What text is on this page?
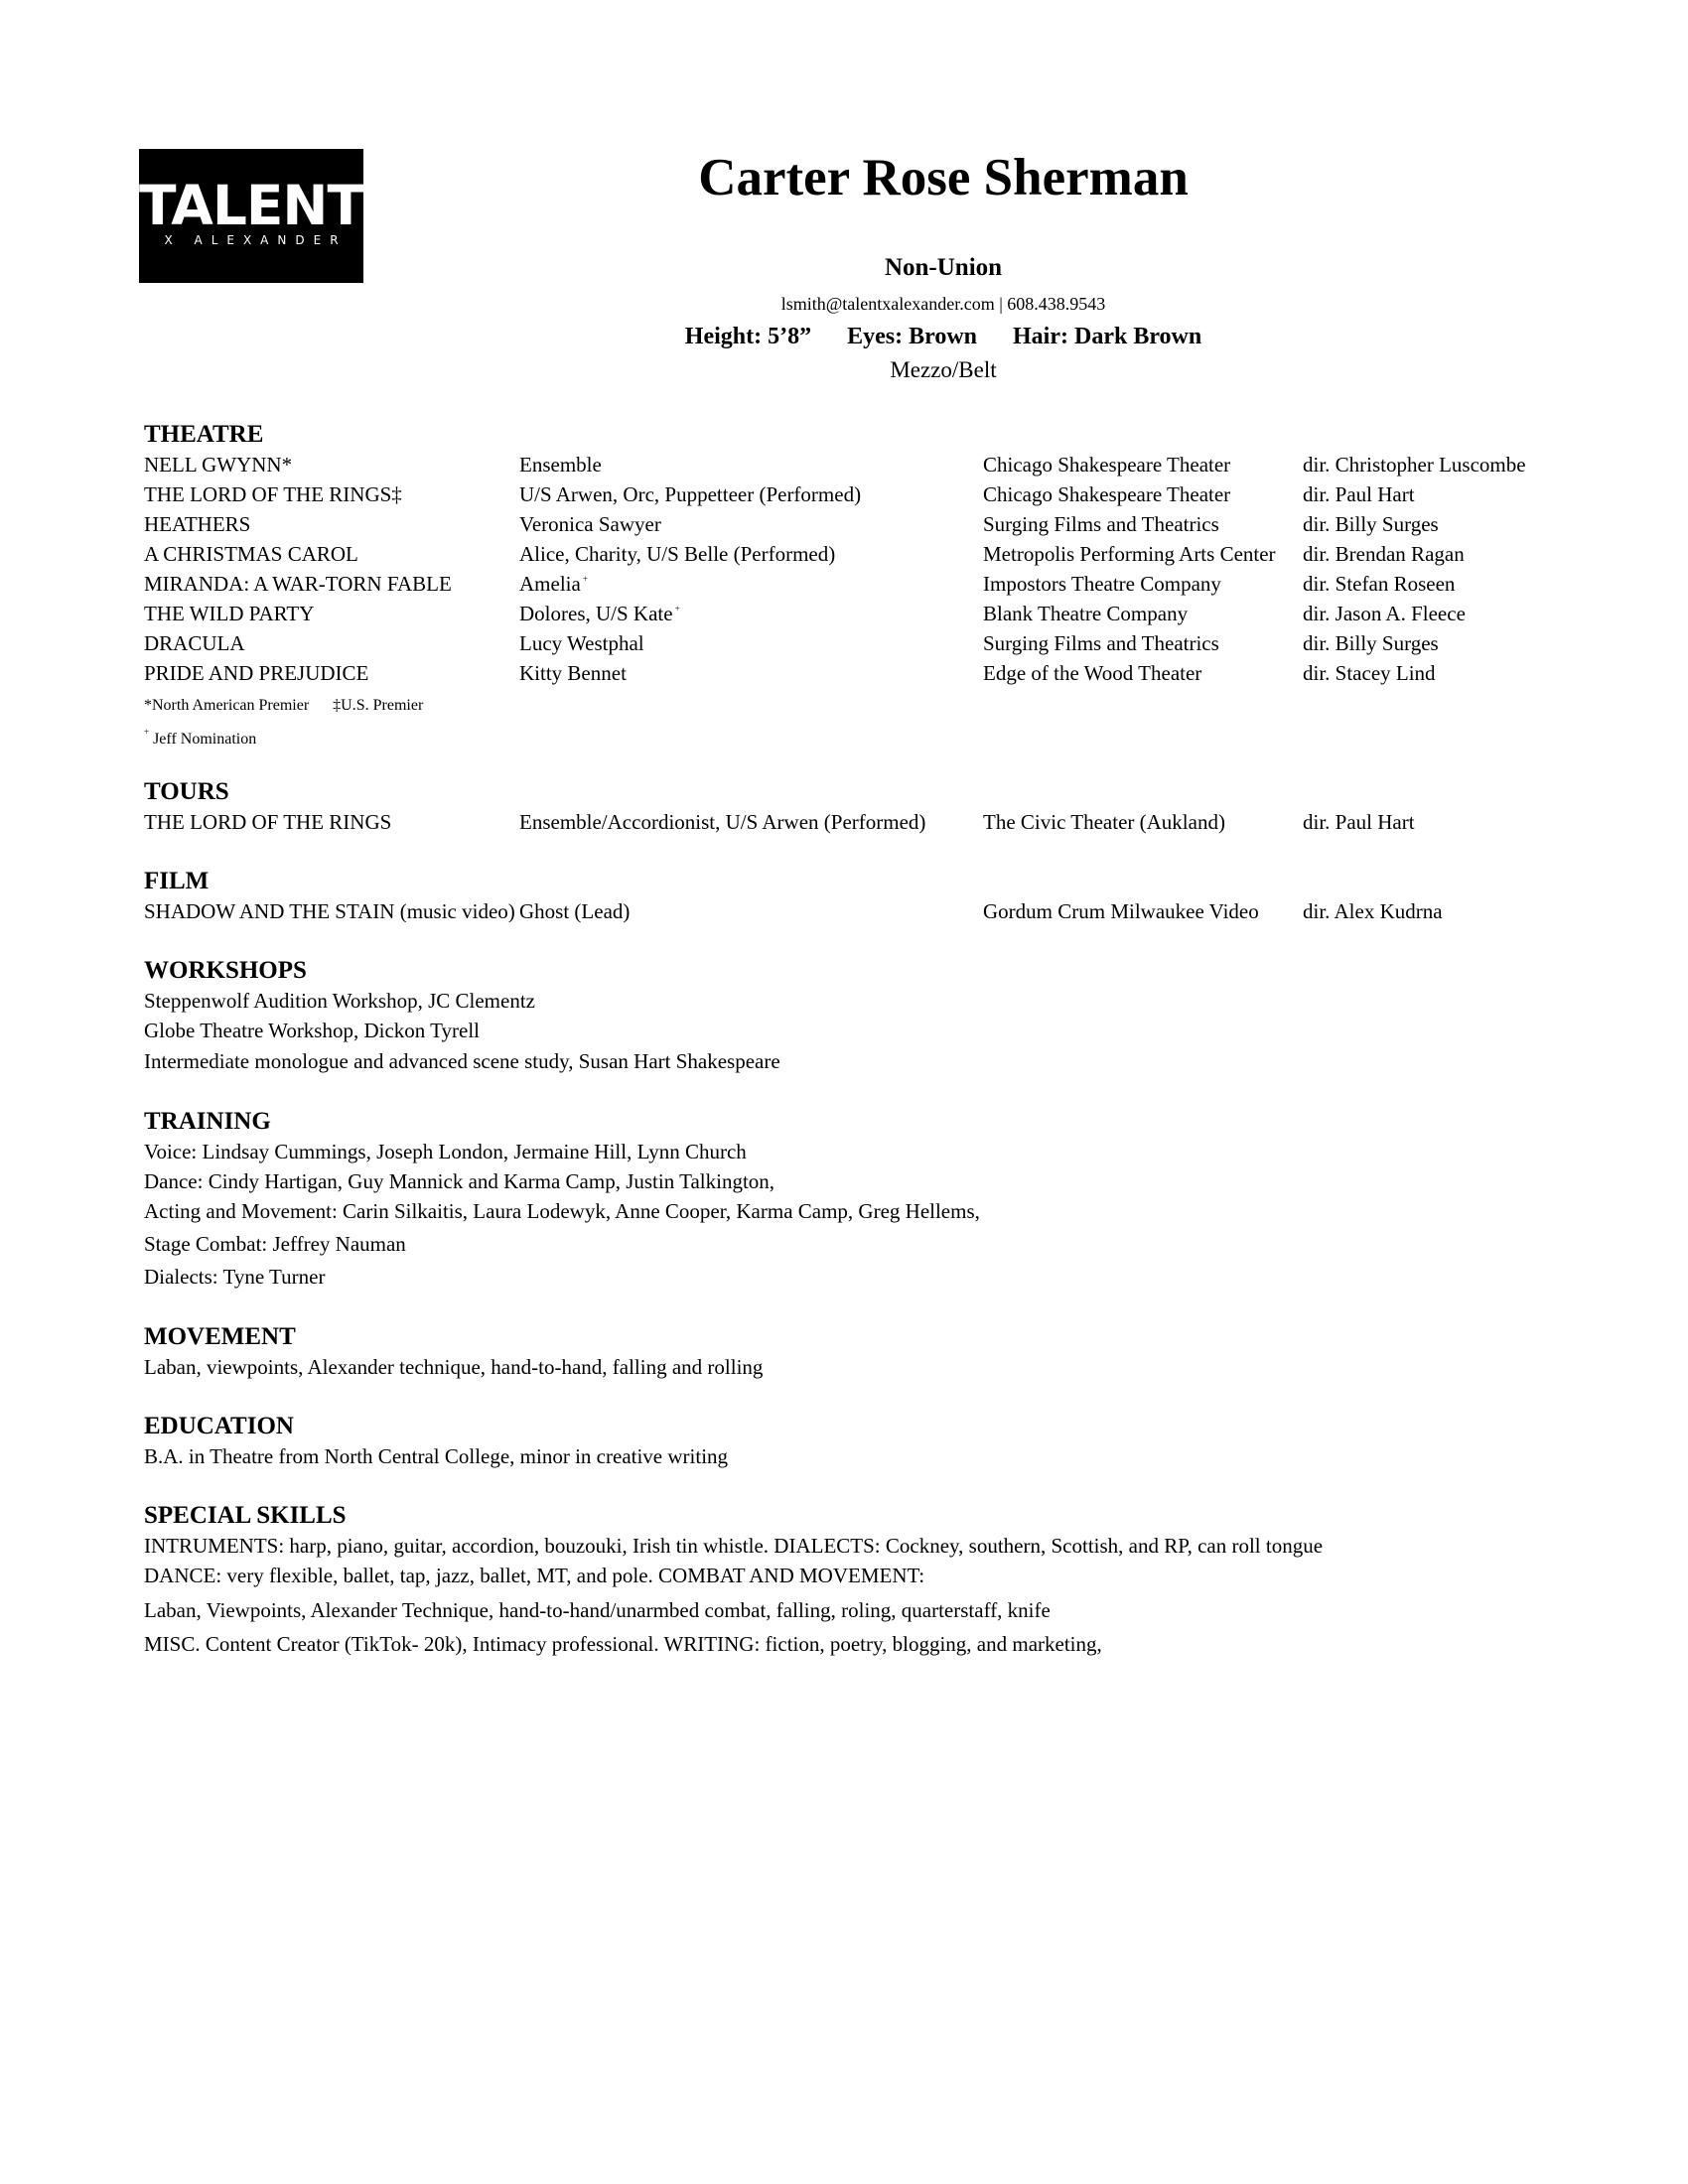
TALENT
X ALEXANDER
Carter Rose Sherman
Non-Union
lsmith@talentxalexander.com | 608.438.9543
Height: 5’8” Eyes: Brown Hair: Dark Brown
Mezzo/Belt
THEATRE
NELL GWYNN*	Ensemble	Chicago Shakespeare Theater	dir. Christopher Luscombe
THE LORD OF THE RINGS‡	U/S Arwen, Orc, Puppetteer (Performed)	Chicago Shakespeare Theater	dir. Paul Hart
HEATHERS	Veronica Sawyer	Surging Films and Theatrics	dir. Billy Surges
A CHRISTMAS CAROL	Alice, Charity, U/S Belle (Performed)	Metropolis Performing Arts Center dir. Brendan Ragan
MIRANDA: A WAR-TORN FABLE	Amelia +	Impostors Theatre Company	dir. Stefan Roseen
THE WILD PARTY	Dolores, U/S Kate +	Blank Theatre Company	dir. Jason A. Fleece
DRACULA	Lucy Westphal	Surging Films and Theatrics	dir. Billy Surges
PRIDE AND PREJUDICE	Kitty Bennet	Edge of the Wood Theater	dir. Stacey Lind
*North American Premier ‡U.S. Premier
+ Jeff Nomination
TOURS
THE LORD OF THE RINGS	Ensemble/Accordionist, U/S Arwen (Performed)	The Civic Theater (Aukland)	dir. Paul Hart
FILM
SHADOW AND THE STAIN (music video) Ghost (Lead)	Gordum Crum Milwaukee Video dir. Alex Kudrna
WORKSHOPS
Steppenwolf Audition Workshop, JC Clementz
Globe Theatre Workshop, Dickon Tyrell
Intermediate monologue and advanced scene study, Susan Hart Shakespeare
TRAINING
Voice: Lindsay Cummings, Joseph London, Jermaine Hill, Lynn Church
Dance: Cindy Hartigan, Guy Mannick and Karma Camp, Justin Talkington,
Acting and Movement: Carin Silkaitis, Laura Lodewyk, Anne Cooper, Karma Camp, Greg Hellems,
Stage Combat: Jeffrey Nauman
Dialects: Tyne Turner
MOVEMENT
Laban, viewpoints, Alexander technique, hand-to-hand, falling and rolling
EDUCATION
B.A. in Theatre from North Central College, minor in creative writing
SPECIAL SKILLS
INTRUMENTS: harp, piano, guitar, accordion, bouzouki, Irish tin whistle. DIALECTS: Cockney, southern, Scottish, and RP, can roll tongue
DANCE: very flexible, ballet, tap, jazz, ballet, MT, and pole. COMBAT AND MOVEMENT:
Laban, Viewpoints, Alexander Technique, hand-to-hand/unarmbed combat, falling, roling, quarterstaff, knife
MISC. Content Creator (TikTok- 20k), Intimacy professional. WRITING: fiction, poetry, blogging, and marketing,
